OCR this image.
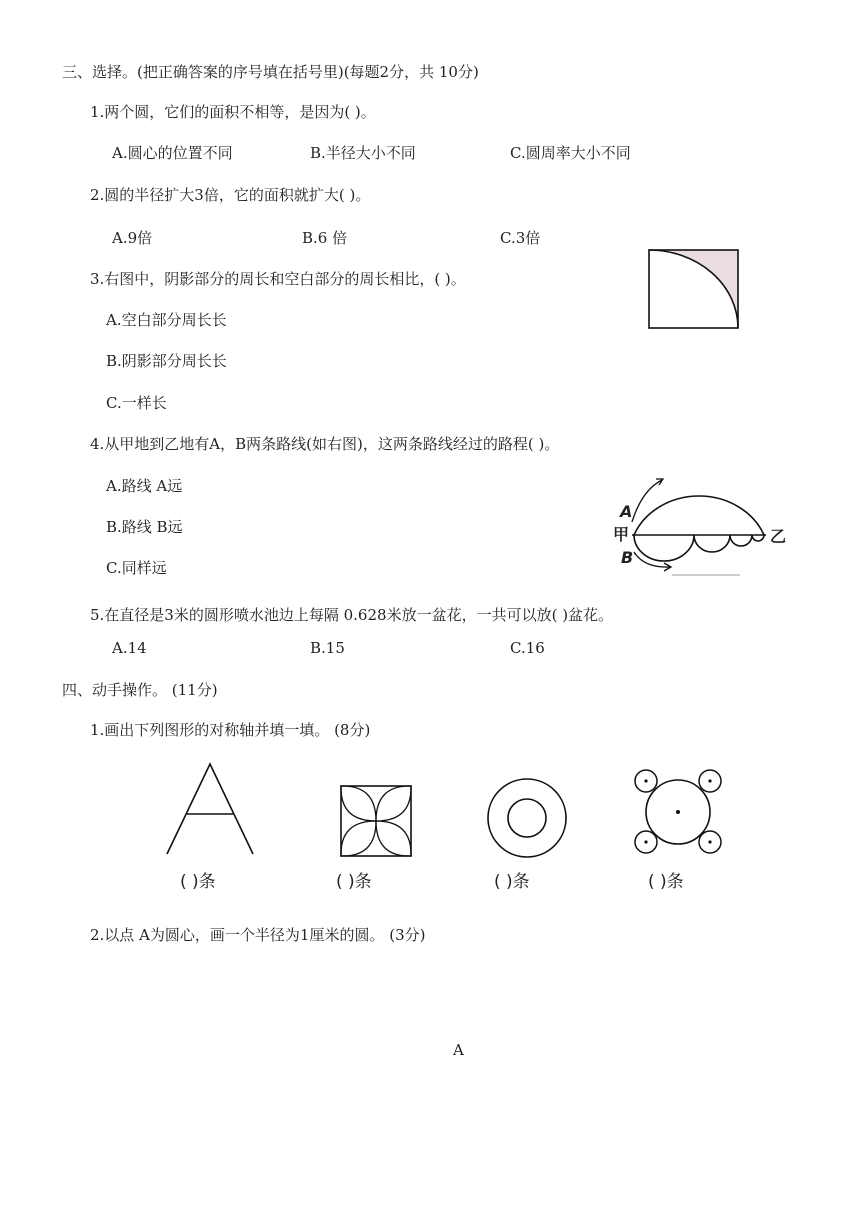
三、选择。(把正确答案的序号填在括号里)(每题2分，共 10分)
1.两个圆，它们的面积不相等，是因为( )。
A.圆心的位置不同	B.半径大小不同	C.圆周率大小不同
2.圆的半径扩大3倍，它的面积就扩大( )。
A.9倍	B.6 倍	C.3倍
3.右图中，阴影部分的周长和空白部分的周长相比，( )。
A.空白部分周长长
B.阴影部分周长长
C.一样长
4.从甲地到乙地有A，B两条路线(如右图)，这两条路线经过的路程( )。
A.路线 A远
B.路线 B远
C.同样远
A
甲
B
乙
5.在直径是3米的圆形喷水池边上每隔 0.628米放一盆花，一共可以放( )盆花。
A.14	B.15	C.16
四、动手操作。 (11分)
1.画出下列图形的对称轴并填一填。 (8分)
( )条	( )条	( )条	( )条
2.以点 A为圆心，画一个半径为1厘米的圆。 (3分)
A
